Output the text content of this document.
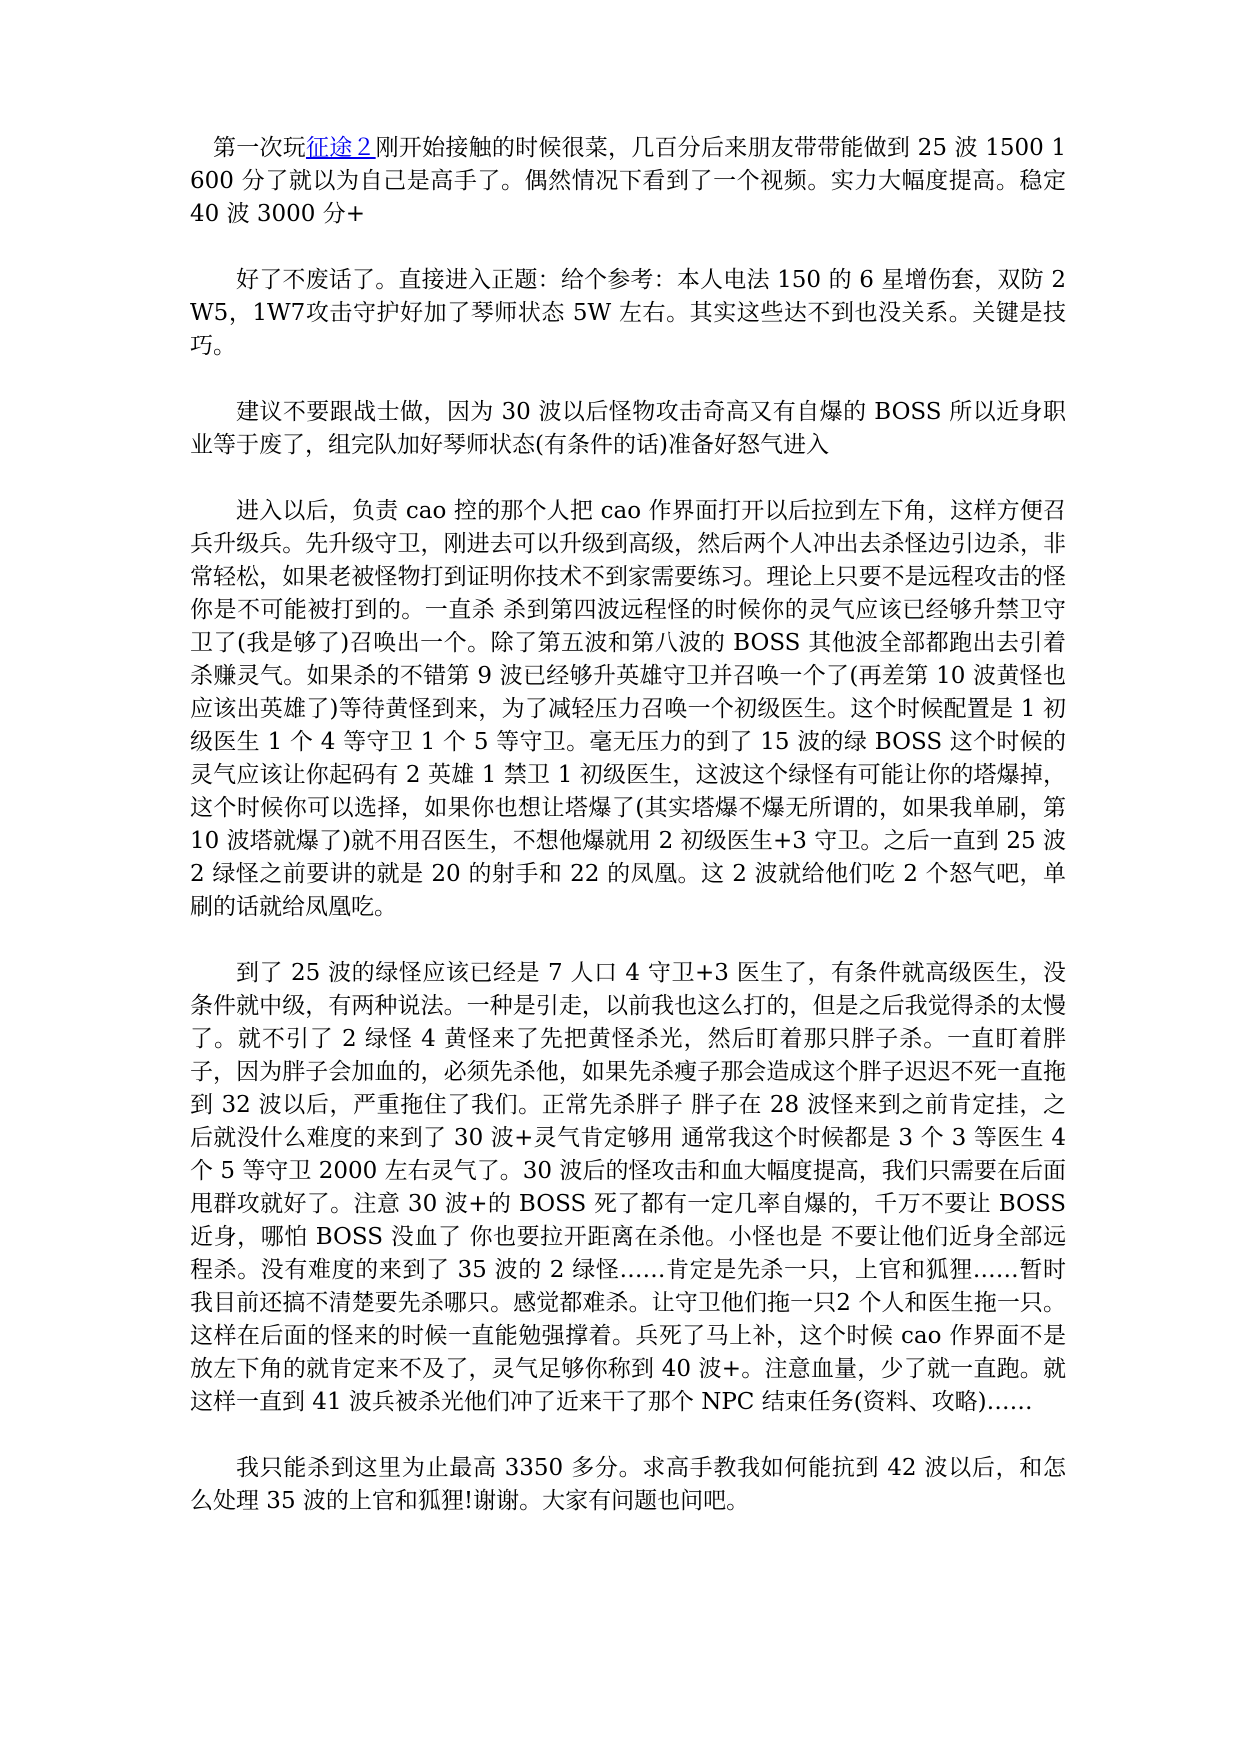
第一次玩征途２刚开始接触的时候很菜，几百分后来朋友带带能做到 25 波 1500 1600 分了就以为自己是高手了。偶然情况下看到了一个视频。实力大幅度提高。稳定 40 波 3000 分+

好了不废话了。直接进入正题：给个参考：本人电法 150 的 6 星增伤套，双防 2W5，1W7攻击守护好加了琴师状态 5W 左右。其实这些达不到也没关系。关键是技巧。

建议不要跟战士做，因为 30 波以后怪物攻击奇高又有自爆的 BOSS 所以近身职业等于废了，组完队加好琴师状态(有条件的话)准备好怒气进入

进入以后，负责 cao 控的那个人把 cao 作界面打开以后拉到左下角，这样方便召兵升级兵。先升级守卫，刚进去可以升级到高级，然后两个人冲出去杀怪边引边杀，非常轻松，如果老被怪物打到证明你技术不到家需要练习。理论上只要不是远程攻击的怪你是不可能被打到的。一直杀 杀到第四波远程怪的时候你的灵气应该已经够升禁卫守卫了(我是够了)召唤出一个。除了第五波和第八波的 BOSS 其他波全部都跑出去引着杀赚灵气。如果杀的不错第 9 波已经够升英雄守卫并召唤一个了(再差第 10 波黄怪也应该出英雄了)等待黄怪到来，为了减轻压力召唤一个初级医生。这个时候配置是 1 初级医生 1 个 4 等守卫 1 个 5 等守卫。毫无压力的到了 15 波的绿 BOSS 这个时候的灵气应该让你起码有 2 英雄 1 禁卫 1 初级医生，这波这个绿怪有可能让你的塔爆掉，这个时候你可以选择，如果你也想让塔爆了(其实塔爆不爆无所谓的，如果我单刷，第 10 波塔就爆了)就不用召医生，不想他爆就用 2 初级医生+3 守卫。之后一直到 25 波 2 绿怪之前要讲的就是 20 的射手和 22 的凤凰。这 2 波就给他们吃 2 个怒气吧，单刷的话就给凤凰吃。

到了 25 波的绿怪应该已经是 7 人口 4 守卫+3 医生了，有条件就高级医生，没条件就中级，有两种说法。一种是引走，以前我也这么打的，但是之后我觉得杀的太慢了。就不引了 2 绿怪 4 黄怪来了先把黄怪杀光，然后盯着那只胖子杀。一直盯着胖子，因为胖子会加血的，必须先杀他，如果先杀瘦子那会造成这个胖子迟迟不死一直拖到 32 波以后，严重拖住了我们。正常先杀胖子 胖子在 28 波怪来到之前肯定挂，之后就没什么难度的来到了 30 波+灵气肯定够用 通常我这个时候都是 3 个 3 等医生 4 个 5 等守卫 2000 左右灵气了。30 波后的怪攻击和血大幅度提高，我们只需要在后面甩群攻就好了。注意 30 波+的 BOSS 死了都有一定几率自爆的，千万不要让 BOSS 近身，哪怕 BOSS 没血了 你也要拉开距离在杀他。小怪也是 不要让他们近身全部远程杀。没有难度的来到了 35 波的 2 绿怪……肯定是先杀一只，上官和狐狸……暂时我目前还搞不清楚要先杀哪只。感觉都难杀。让守卫他们拖一只2 个人和医生拖一只。这样在后面的怪来的时候一直能勉强撑着。兵死了马上补，这个时候 cao 作界面不是放左下角的就肯定来不及了，灵气足够你称到 40 波+。注意血量，少了就一直跑。就这样一直到 41 波兵被杀光他们冲了近来干了那个 NPC 结束任务(资料、攻略)……

我只能杀到这里为止最高 3350 多分。求高手教我如何能抗到 42 波以后，和怎么处理 35 波的上官和狐狸!谢谢。大家有问题也问吧。
